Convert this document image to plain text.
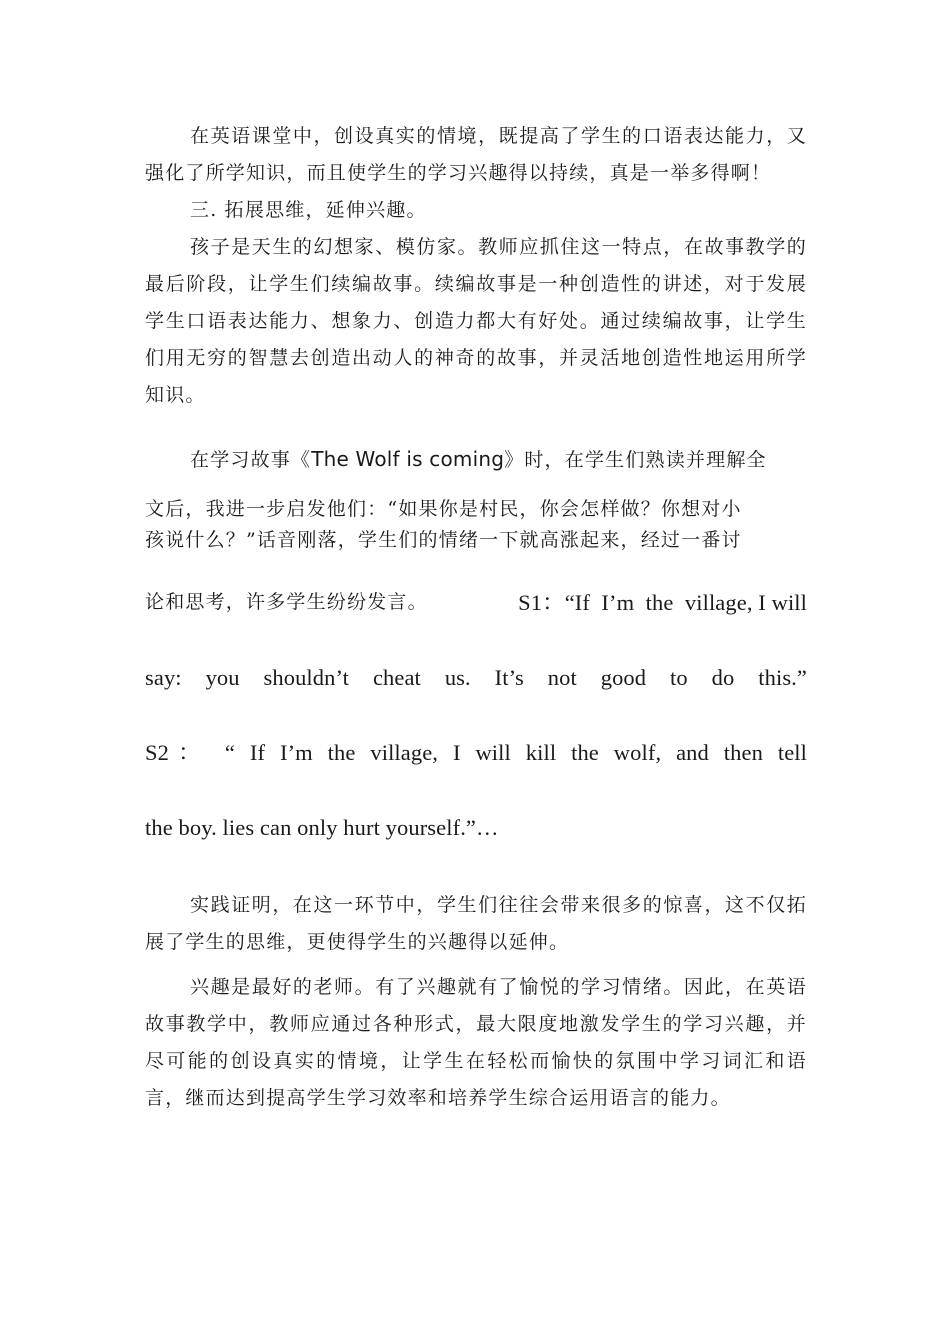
在英语课堂中，创设真实的情境，既提高了学生的口语表达能力，又强化了所学知识，而且使学生的学习兴趣得以持续，真是一举多得啊！

三. 拓展思维，延伸兴趣。

孩子是天生的幻想家、模仿家。教师应抓住这一特点，在故事教学的最后阶段，让学生们续编故事。续编故事是一种创造性的讲述，对于发展学生口语表达能力、想象力、创造力都大有好处。通过续编故事，让学生们用无穷的智慧去创造出动人的神奇的故事，并灵活地创造性地运用所学知识。

在学习故事《The Wolf is coming》时，在学生们熟读并理解全
文后，我进一步启发他们：“如果你是村民，你会怎样做？你想对小
孩说什么？”话音刚落，学生们的情绪一下就高涨起来，经过一番讨
论和思考，许多学生纷纷发言。	S1：“If  I’m  the  village, I will
say: you shouldn’t cheat us. It’s not good to do this.”
S2： “ If I’m the village, I will kill the wolf, and then tell
the boy. lies can only hurt yourself.”…

实践证明，在这一环节中，学生们往往会带来很多的惊喜，这不仅拓展了学生的思维，更使得学生的兴趣得以延伸。

兴趣是最好的老师。有了兴趣就有了愉悦的学习情绪。因此，在英语故事教学中，教师应通过各种形式，最大限度地激发学生的学习兴趣，并尽可能的创设真实的情境，让学生在轻松而愉快的氛围中学习词汇和语言，继而达到提高学生学习效率和培养学生综合运用语言的能力。
